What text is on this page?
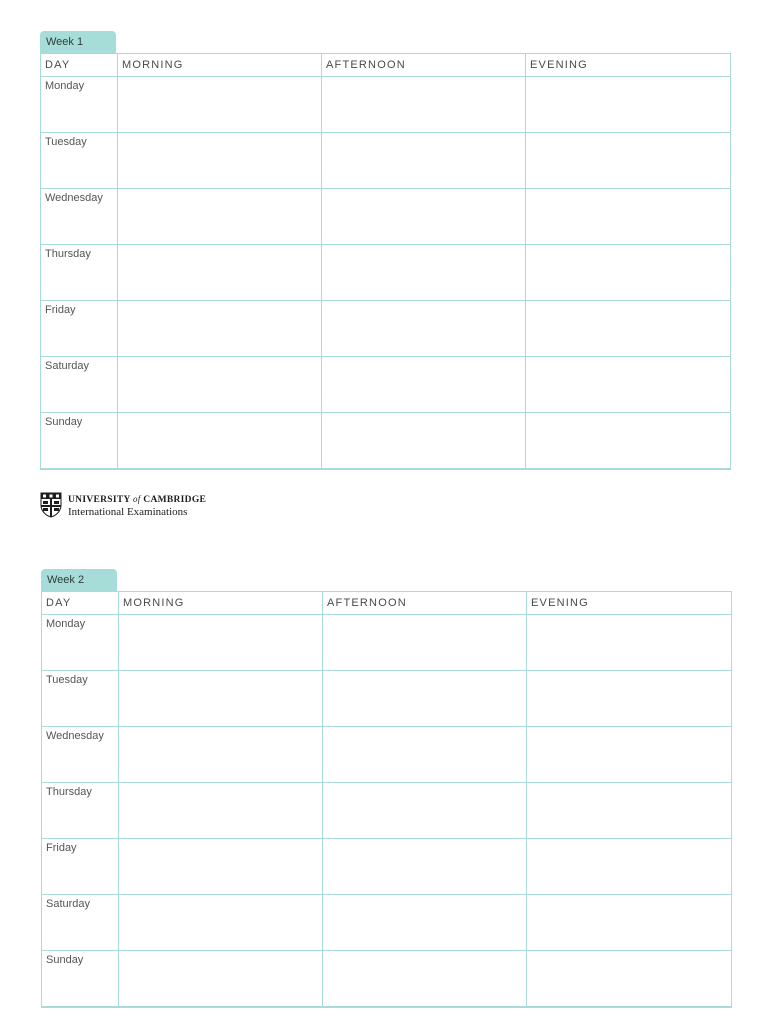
Week 1
DAY	MORNING	AFTERNOON	EVENING
Monday			
Tuesday			
Wednesday			
Thursday			
Friday			
Saturday			
Sunday			
UNIVERSITY of CAMBRIDGE
International Examinations
Week 2
DAY	MORNING	AFTERNOON	EVENING
Monday			
Tuesday			
Wednesday			
Thursday			
Friday			
Saturday			
Sunday			
